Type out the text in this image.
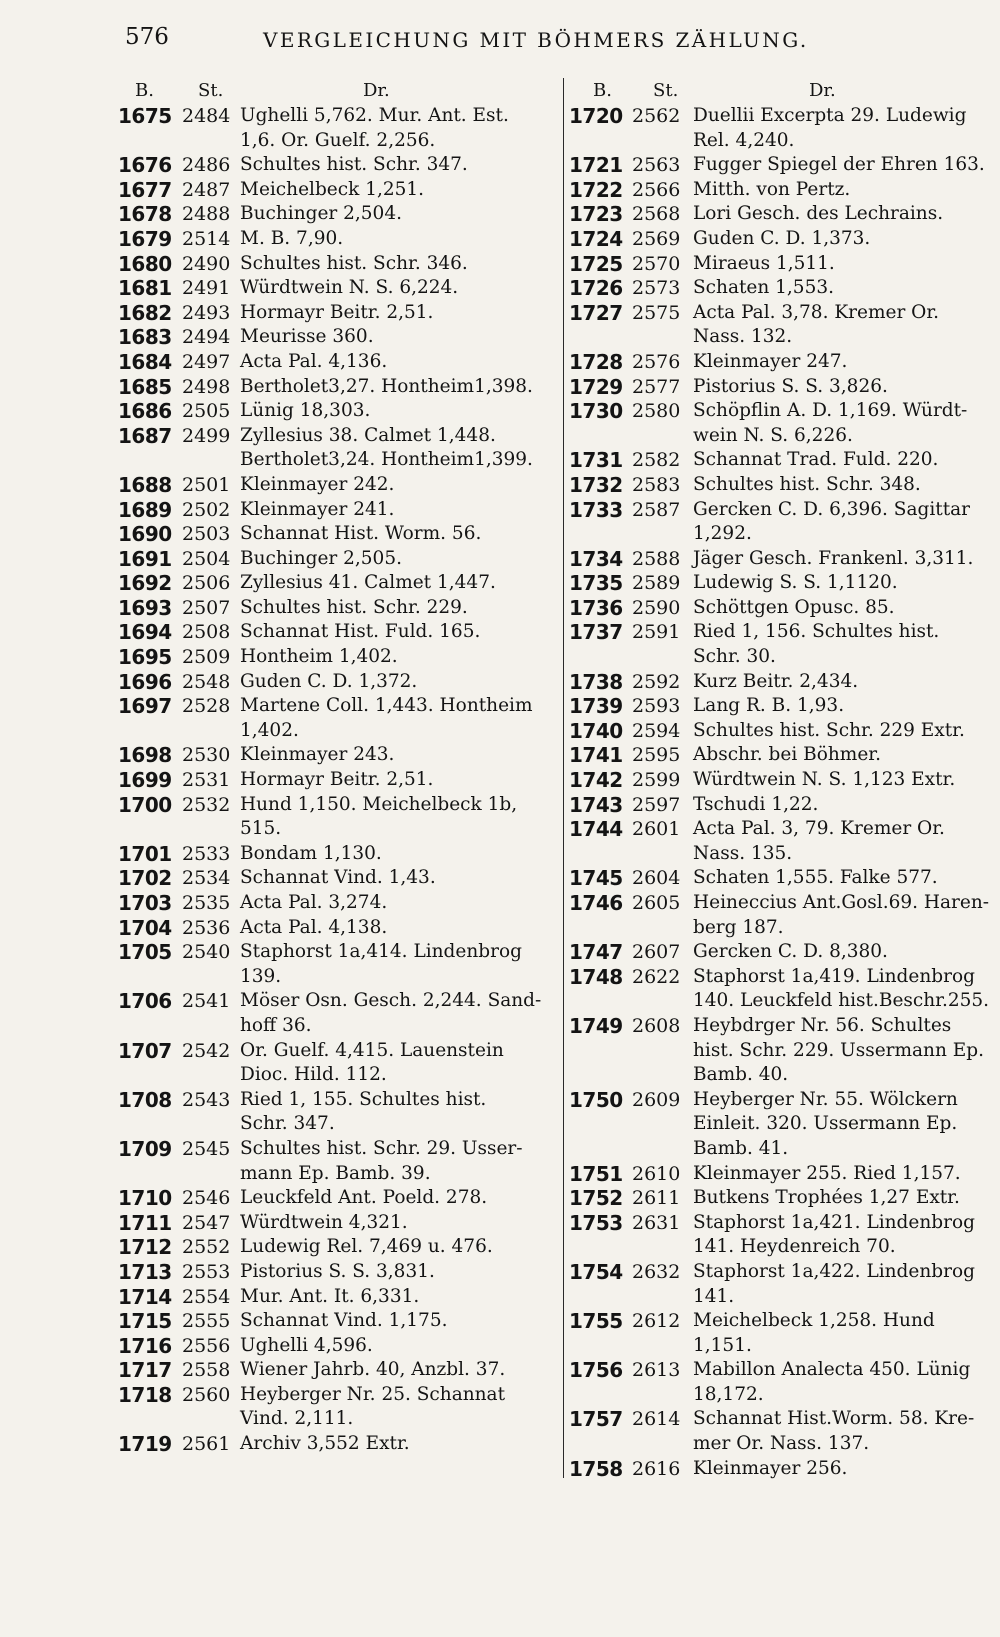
576	VERGLEICHUNG MIT BÖHMERS ZÄHLUNG.
B. St.	Dr.
1675 2484 Ughelli 5,762. Mur. Ant. Est.
1,6. Or. Guelf. 2,256.
1676 2486 Schultes hist. Schr. 347.
1677 2487 Meichelbeck 1,251.
1678 2488 Buchinger 2,504.
1679 2514 M. B. 7,90.
1680 2490 Schultes hist. Schr. 346.
1681 2491 Würdtwein N. S. 6,224.
1682 2493 Hormayr Beitr. 2,51.
1683 2494 Meurisse 360.
1684 2497 Acta Pal. 4,136.
1685 2498 Bertholet3,27. Hontheim1,398.
1686 2505 Lünig 18,303.
1687 2499 Zyllesius 38. Calmet 1,448.
Bertholet3,24. Hontheim1,399.
1688 2501 Kleinmayer 242.
1689 2502 Kleinmayer 241.
1690 2503 Schannat Hist. Worm. 56.
1691 2504 Buchinger 2,505.
1692 2506 Zyllesius 41. Calmet 1,447.
1693 2507 Schultes hist. Schr. 229.
1694 2508 Schannat Hist. Fuld. 165.
1695 2509 Hontheim 1,402.
1696 2548 Guden C. D. 1,372.
1697 2528 Martene Coll. 1,443. Hontheim
1,402.
1698 2530 Kleinmayer 243.
1699 2531 Hormayr Beitr. 2,51.
1700 2532 Hund 1,150. Meichelbeck 1b,
515.
1701 2533 Bondam 1,130.
1702 2534 Schannat Vind. 1,43.
1703 2535 Acta Pal. 3,274.
1704 2536 Acta Pal. 4,138.
1705 2540 Staphorst 1a,414. Lindenbrog
139.
1706 2541 Möser Osn. Gesch. 2,244. Sand-
hoff 36.
1707 2542 Or. Guelf. 4,415. Lauenstein
Dioc. Hild. 112.
1708 2543 Ried 1, 155. Schultes hist.
Schr. 347.
1709 2545 Schultes hist. Schr. 29. Usser-
mann Ep. Bamb. 39.
1710 2546 Leuckfeld Ant. Poeld. 278.
1711 2547 Würdtwein 4,321.
1712 2552 Ludewig Rel. 7,469 u. 476.
1713 2553 Pistorius S. S. 3,831.
1714 2554 Mur. Ant. It. 6,331.
1715 2555 Schannat Vind. 1,175.
1716 2556 Ughelli 4,596.
1717 2558 Wiener Jahrb. 40, Anzbl. 37.
1718 2560 Heyberger Nr. 25. Schannat
Vind. 2,111.
1719 2561 Archiv 3,552 Extr.
B. St.	Dr.
1720 2562 Duellii Excerpta 29. Ludewig
Rel. 4,240.
1721 2563 Fugger Spiegel der Ehren 163.
1722 2566 Mitth. von Pertz.
1723 2568 Lori Gesch. des Lechrains.
1724 2569 Guden C. D. 1,373.
1725 2570 Miraeus 1,511.
1726 2573 Schaten 1,553.
1727 2575 Acta Pal. 3,78. Kremer Or.
Nass. 132.
1728 2576 Kleinmayer 247.
1729 2577 Pistorius S. S. 3,826.
1730 2580 Schöpflin A. D. 1,169. Würdt-
wein N. S. 6,226.
1731 2582 Schannat Trad. Fuld. 220.
1732 2583 Schultes hist. Schr. 348.
1733 2587 Gercken C. D. 6,396. Sagittar
1,292.
1734 2588 Jäger Gesch. Frankenl. 3,311.
1735 2589 Ludewig S. S. 1,1120.
1736 2590 Schöttgen Opusc. 85.
1737 2591 Ried 1, 156. Schultes hist.
Schr. 30.
1738 2592 Kurz Beitr. 2,434.
1739 2593 Lang R. B. 1,93.
1740 2594 Schultes hist. Schr. 229 Extr.
1741 2595 Abschr. bei Böhmer.
1742 2599 Würdtwein N. S. 1,123 Extr.
1743 2597 Tschudi 1,22.
1744 2601 Acta Pal. 3, 79. Kremer Or.
Nass. 135.
1745 2604 Schaten 1,555. Falke 577.
1746 2605 Heineccius Ant.Gosl.69. Haren-
berg 187.
1747 2607 Gercken C. D. 8,380.
1748 2622 Staphorst 1a,419. Lindenbrog
140. Leuckfeld hist.Beschr.255.
1749 2608 Heybdrger Nr. 56. Schultes
hist. Schr. 229. Ussermann Ep.
Bamb. 40.
1750 2609 Heyberger Nr. 55. Wölckern
Einleit. 320. Ussermann Ep.
Bamb. 41.
1751 2610 Kleinmayer 255. Ried 1,157.
1752 2611 Butkens Trophées 1,27 Extr.
1753 2631 Staphorst 1a,421. Lindenbrog
141. Heydenreich 70.
1754 2632 Staphorst 1a,422. Lindenbrog
141.
1755 2612 Meichelbeck 1,258. Hund 1,151.
1756 2613 Mabillon Analecta 450. Lünig
18,172.
1757 2614 Schannat Hist.Worm. 58. Kre-
mer Or. Nass. 137.
1758 2616 Kleinmayer 256.
